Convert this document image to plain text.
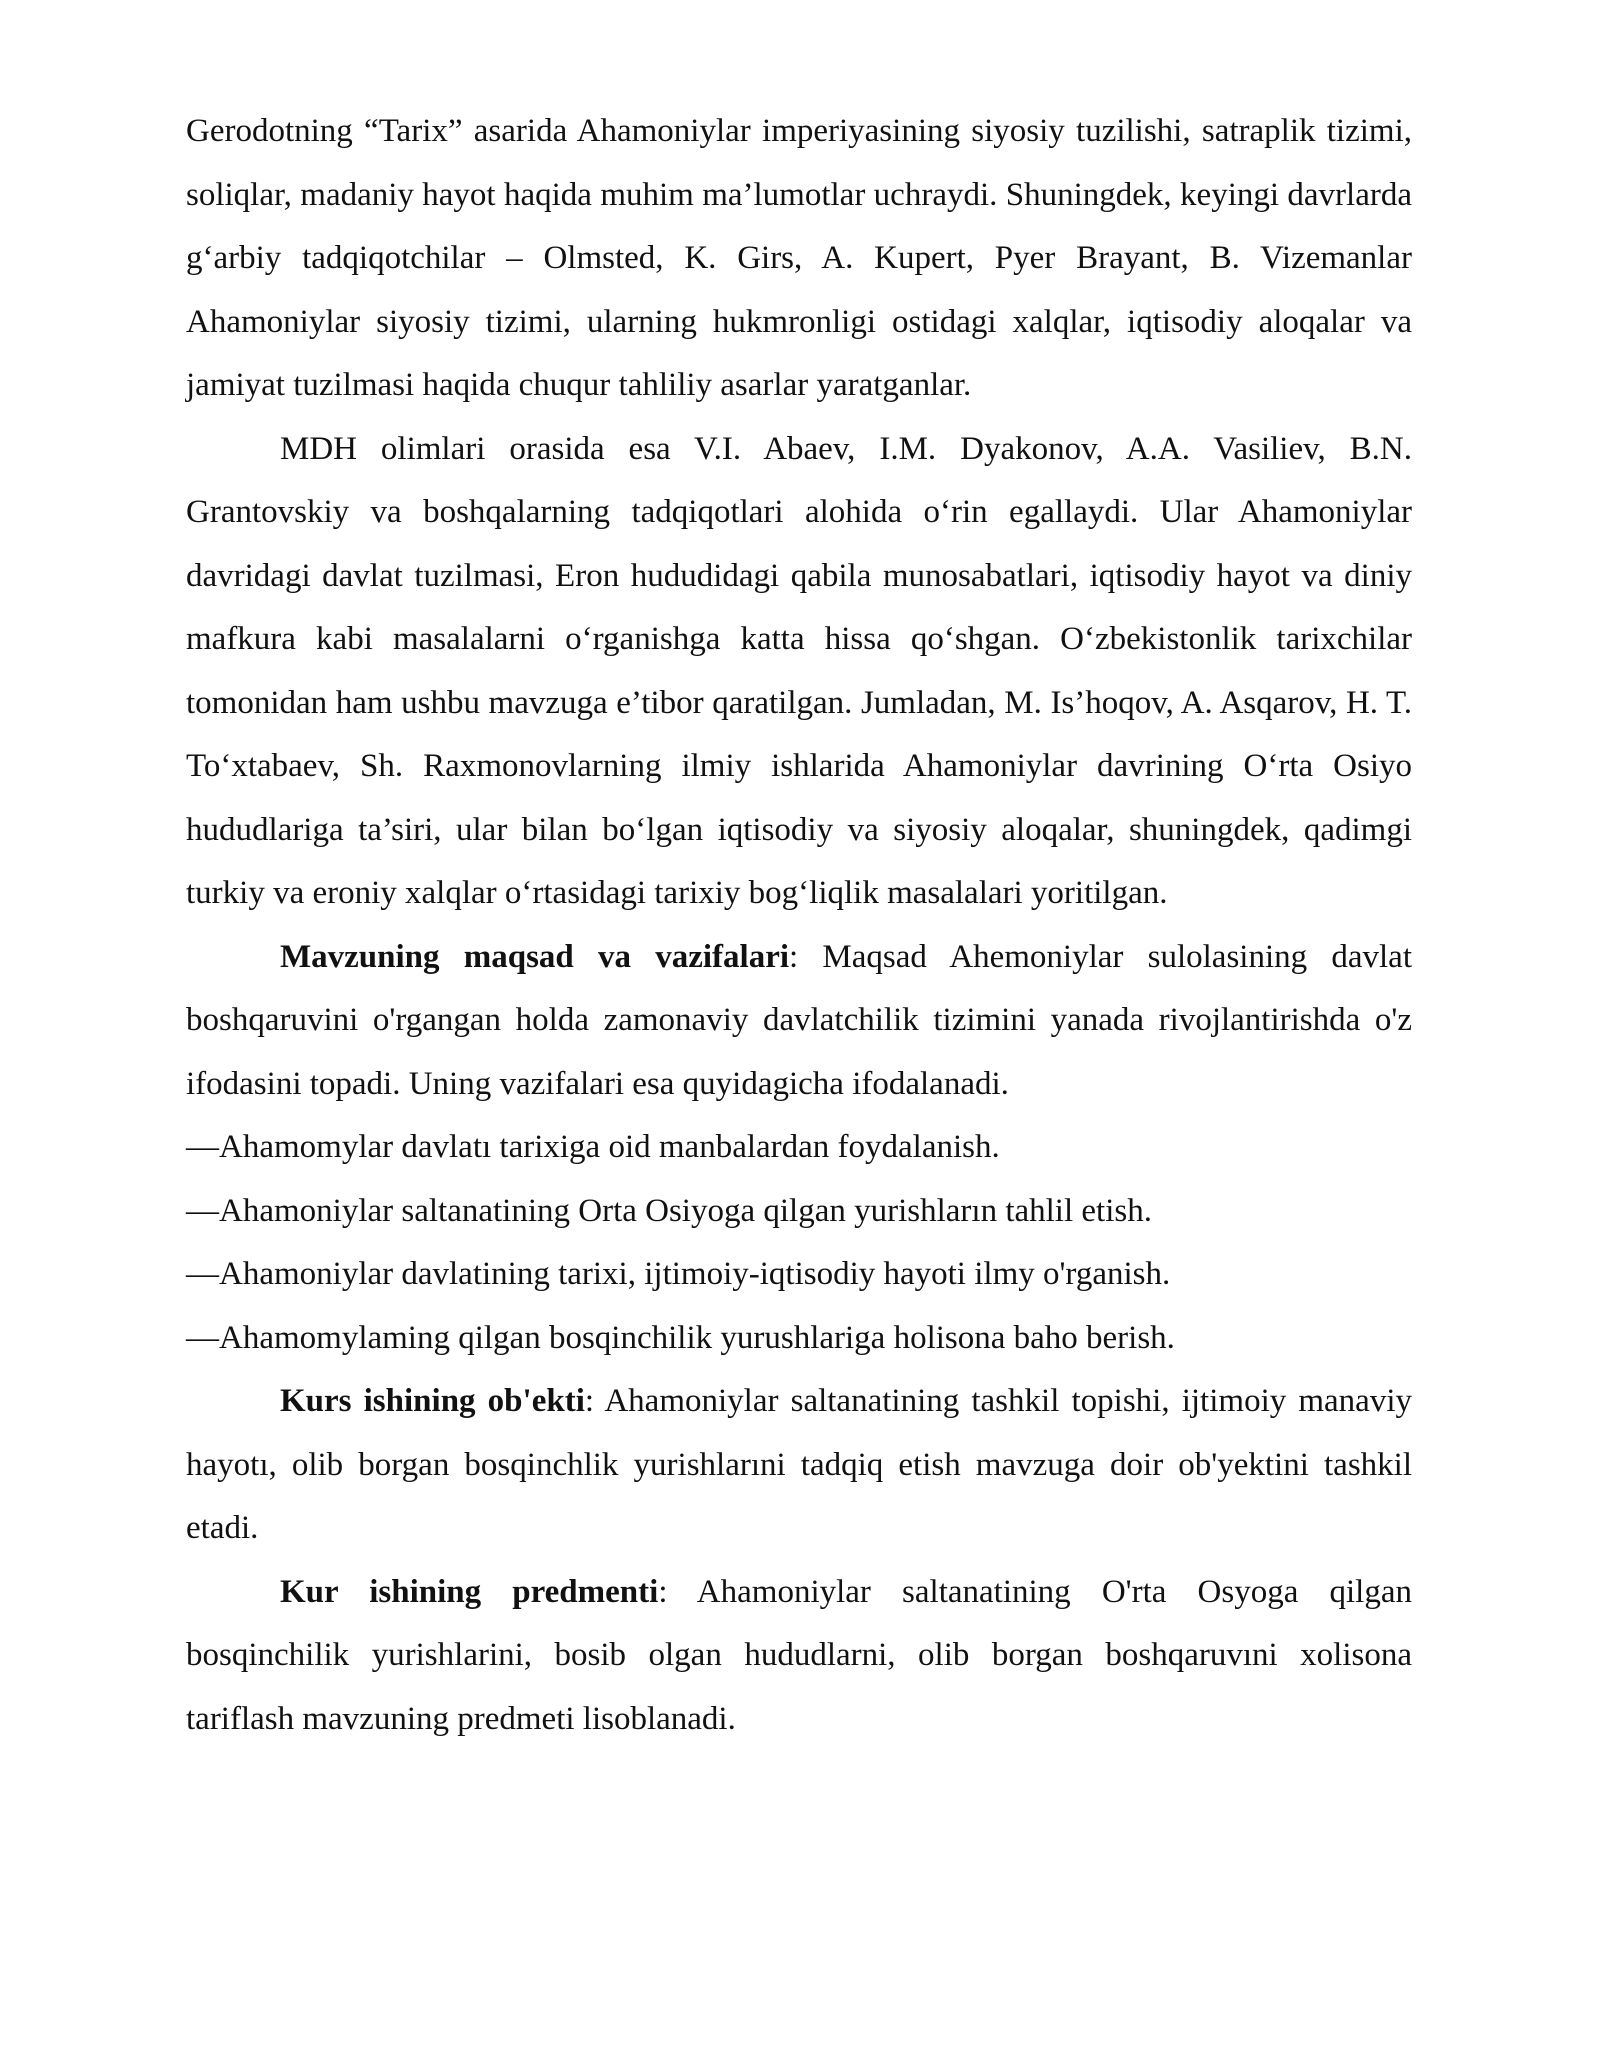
Gerodotning “Tarix” asarida Ahamoniylar imperiyasining siyosiy tuzilishi, satraplik tizimi, soliqlar, madaniy hayot haqida muhim ma’lumotlar uchraydi. Shuningdek, keyingi davrlarda g‘arbiy tadqiqotchilar – Olmsted, K. Girs, A. Kupert, Pyer Brayant, B. Vizemanlar Ahamoniylar siyosiy tizimi, ularning hukmronligi ostidagi xalqlar, iqtisodiy aloqalar va jamiyat tuzilmasi haqida chuqur tahliliy asarlar yaratganlar.

MDH olimlari orasida esa V.I. Abaev, I.M. Dyakonov, A.A. Vasiliev, B.N. Grantovskiy va boshqalarning tadqiqotlari alohida o‘rin egallaydi. Ular Ahamoniylar davridagi davlat tuzilmasi, Eron hududidagi qabila munosabatlari, iqtisodiy hayot va diniy mafkura kabi masalalarni o‘rganishga katta hissa qo‘shgan. O‘zbekistonlik tarixchilar tomonidan ham ushbu mavzuga e’tibor qaratilgan. Jumladan, M. Is’hoqov, A. Asqarov, H. T. To‘xtabaev, Sh. Raxmonovlarning ilmiy ishlarida Ahamoniylar davrining O‘rta Osiyo hududlariga ta’siri, ular bilan bo‘lgan iqtisodiy va siyosiy aloqalar, shuningdek, qadimgi turkiy va eroniy xalqlar o‘rtasidagi tarixiy bog‘liqlik masalalari yoritilgan.

Mavzuning maqsad va vazifalari: Maqsad Ahemoniylar sulolasining davlat boshqaruvini o'rgangan holda zamonaviy davlatchilik tizimini yanada rivojlantirishda o'z ifodasini topadi. Uning vazifalari esa quyidagicha ifodalanadi.

—Ahamomylar davlatı tarixiga oid manbalardan foydalanish.

—Ahamoniylar saltanatining Orta Osiyoga qilgan yurishların tahlil etish.

—Ahamoniylar davlatining tarixi, ijtimoiy-iqtisodiy hayoti ilmy o'rganish.

—Ahamomylaming qilgan bosqinchilik yurushlariga holisona baho berish.

Kurs ishining ob'ekti: Ahamoniylar saltanatining tashkil topishi, ijtimoiy manaviy hayotı, olib borgan bosqinchlik yurishlarıni tadqiq etish mavzuga doir ob'yektini tashkil etadi.

Kur ishining predmenti: Ahamoniylar saltanatining O'rta Osyoga qilgan bosqinchilik yurishlarini, bosib olgan hududlarni, olib borgan boshqaruvıni xolisona tariflash mavzuning predmeti lisoblanadi.
